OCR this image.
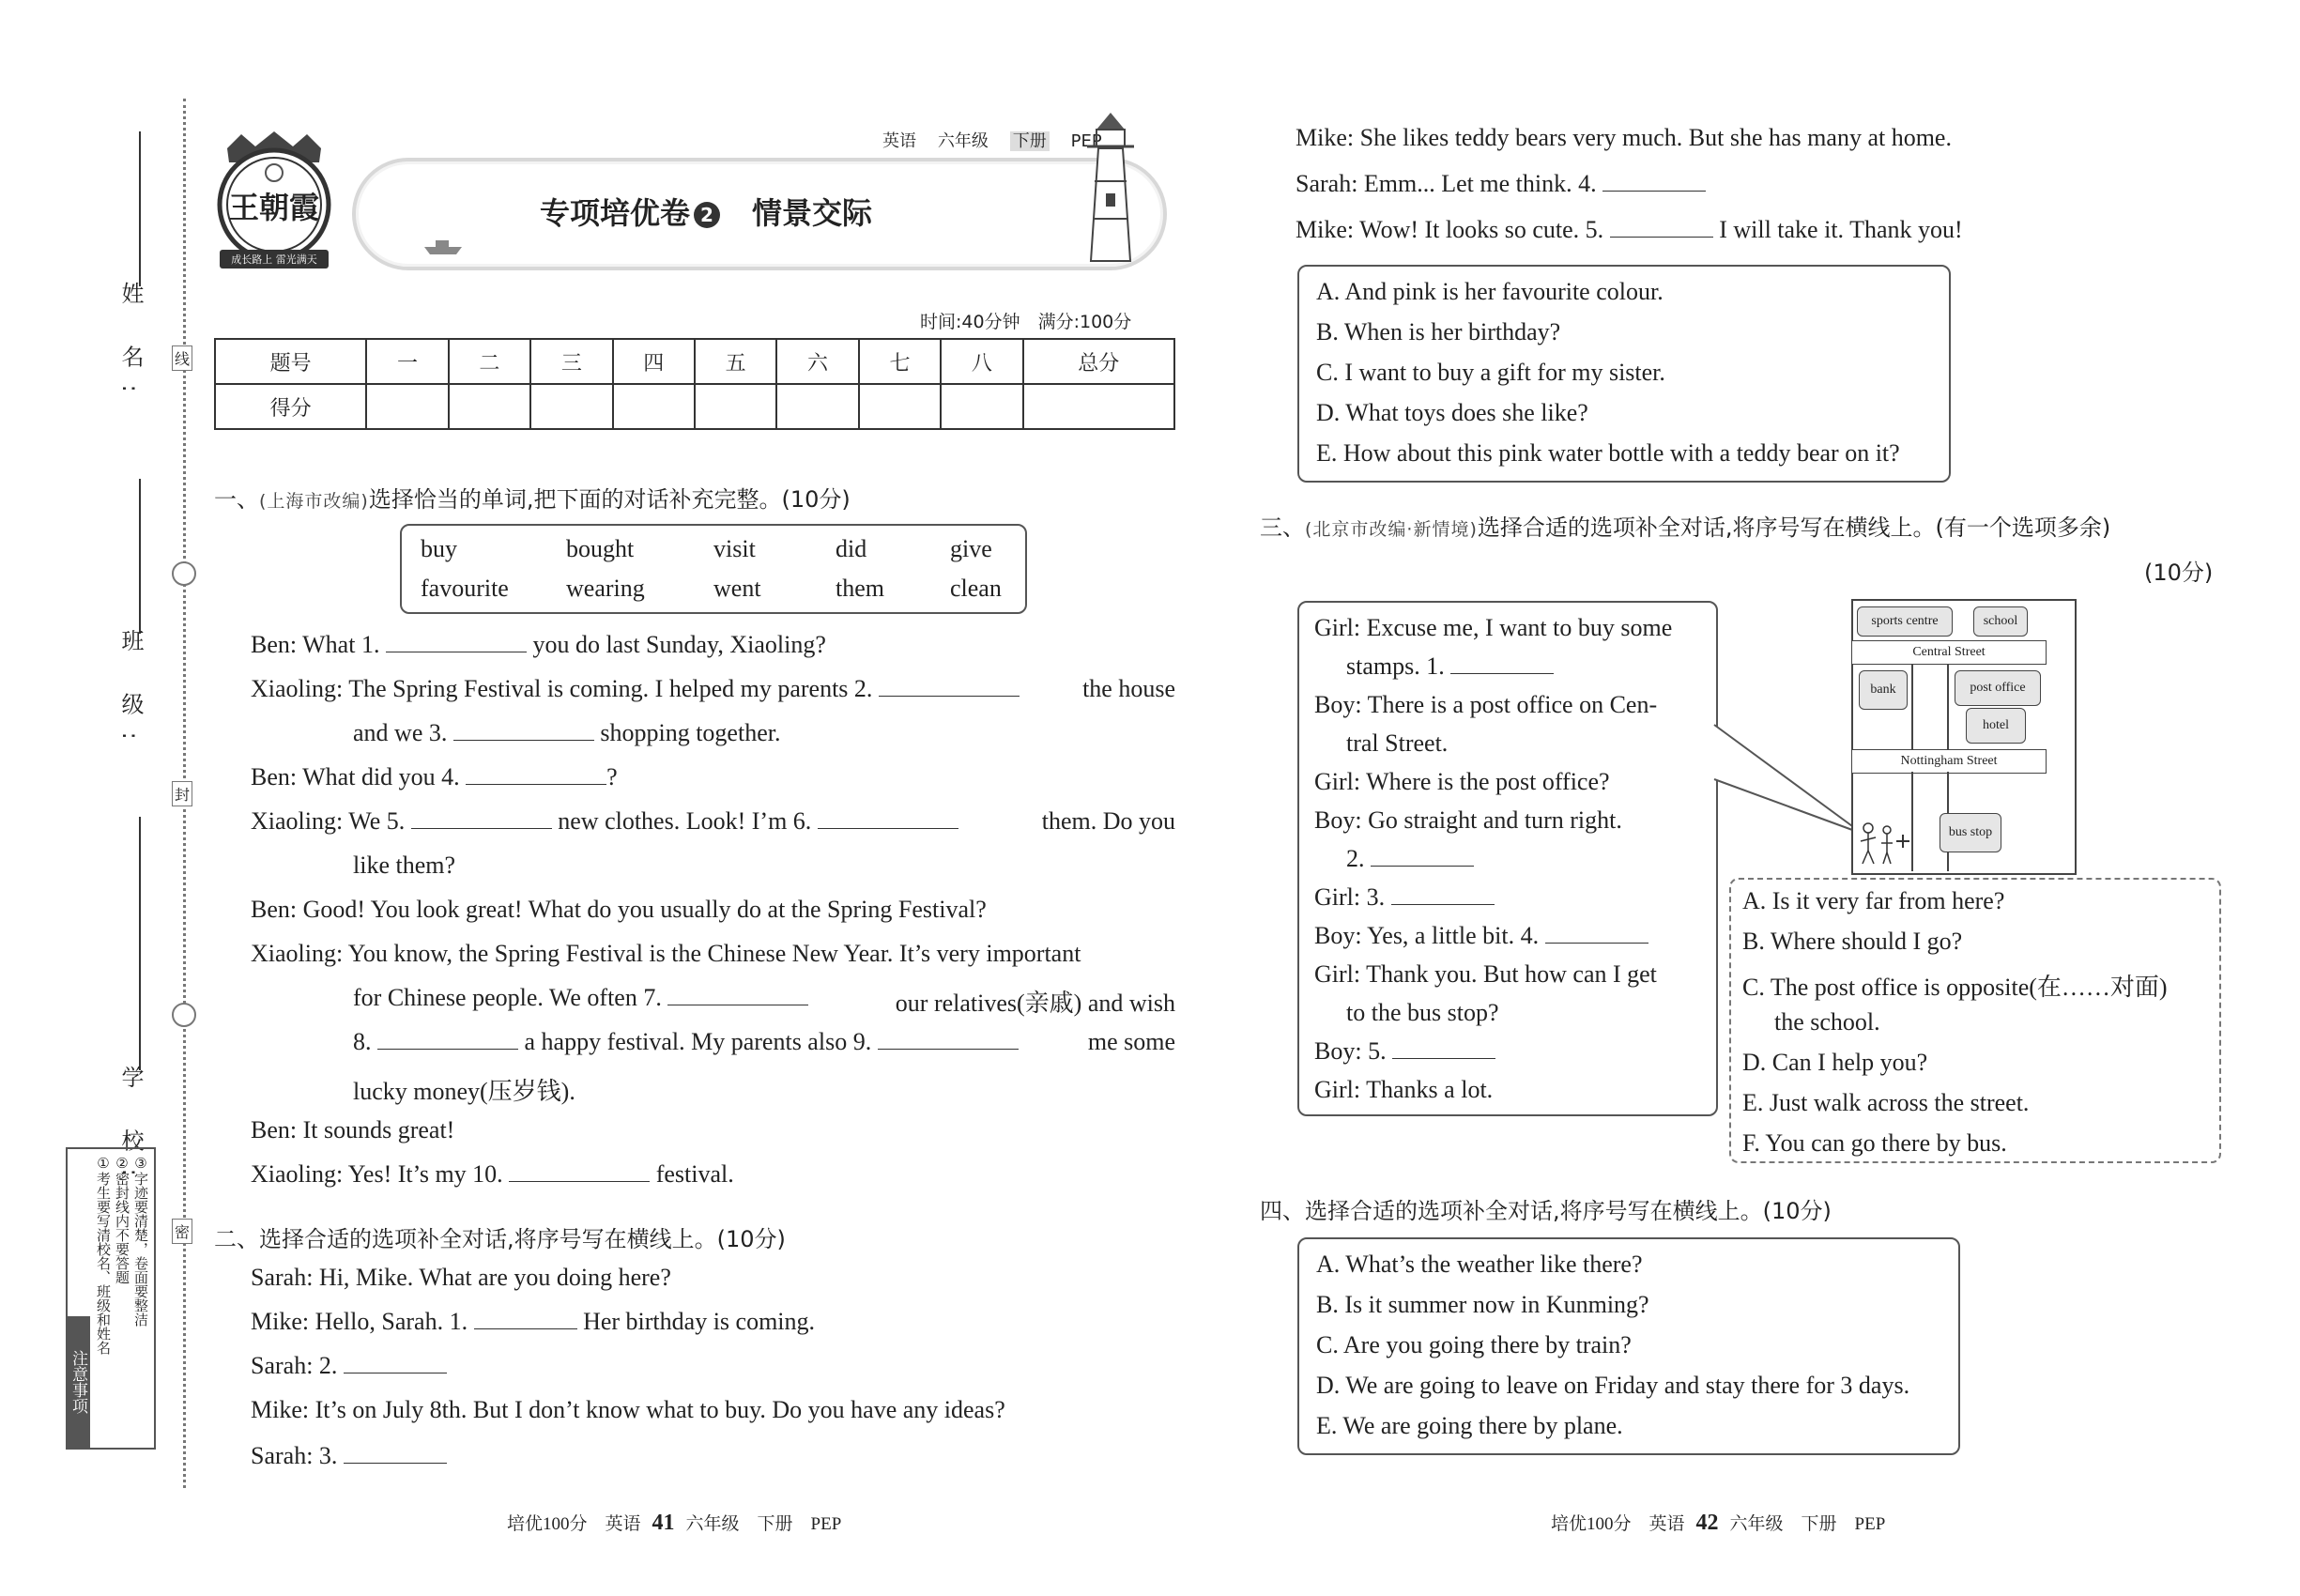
姓 名:
班 级:
学 校:
线
封
密
注意事项
①考生要写清校名、班级和姓名 ②密封线内不要答题 ③字迹要清楚，卷面要整洁
王朝霞
成长路上 雷光满天
英语 六年级 下册 PEP
专项培优卷 2 情景交际
时间:40分钟　满分:100分
题号	一	二	三	四	五	六	七	八	总分
得分									
一、(上海市改编)选择恰当的单词,把下面的对话补充完整。(10分)
buy	bought	visit	did	give
favourite wearing	went	them	clean
Ben: What 1.	you do last Sunday, Xiaoling?
Xiaoling: The Spring Festival is coming. I helped my parents 2.	the house
and we 3.	shopping together.
Ben: What did you 4.	?
Xiaoling: We 5.	new clothes. Look! I’m 6.	them. Do you
like them?
Ben: Good! You look great! What do you usually do at the Spring Festival?
Xiaoling: You know, the Spring Festival is the Chinese New Year. It’s very important
for Chinese people. We often 7.	our relatives(亲戚) and wish
8.	a happy festival. My parents also 9.	me some
lucky money(压岁钱).
Ben: It sounds great!
Xiaoling: Yes! It’s my 10.	festival.
二、选择合适的选项补全对话,将序号写在横线上。(10分)
Sarah: Hi, Mike. What are you doing here?
Mike: Hello, Sarah. 1.	Her birthday is coming.
Sarah: 2.
Mike: It’s on July 8th. But I don’t know what to buy. Do you have any ideas?
Sarah: 3.
Mike: She likes teddy bears very much. But she has many at home.
Sarah: Emm... Let me think. 4.
Mike: Wow! It looks so cute. 5.	I will take it. Thank you!
A. And pink is her favourite colour.
B. When is her birthday?
C. I want to buy a gift for my sister.
D. What toys does she like?
E. How about this pink water bottle with a teddy bear on it?
三、(北京市改编·新情境)选择合适的选项补全对话,将序号写在横线上。(有一个选项多余)
(10分)
Girl: Excuse me, I want to buy some
stamps. 1.
Boy: There is a post office on Cen-
tral Street.
Girl: Where is the post office?
Boy: Go straight and turn right.
2.
Girl: 3.
Boy: Yes, a little bit. 4.
Girl: Thank you. But how can I get
to the bus stop?
Boy: 5.
Girl: Thanks a lot.
sports centre	school
Central Street
bank	post office
hotel
Nottingham Street
bus stop
A. Is it very far from here?
B. Where should I go?
C. The post office is opposite(在……对面)
the school.
D. Can I help you?
E. Just walk across the street.
F. You can go there by bus.
四、选择合适的选项补全对话,将序号写在横线上。(10分)
A. What’s the weather like there?
B. Is it summer now in Kunming?
C. Are you going there by train?
D. We are going to leave on Friday and stay there for 3 days.
E. We are going there by plane.
培优100分　英语 41 六年级　下册　PEP	培优100分　英语 42 六年级　下册　PEP
